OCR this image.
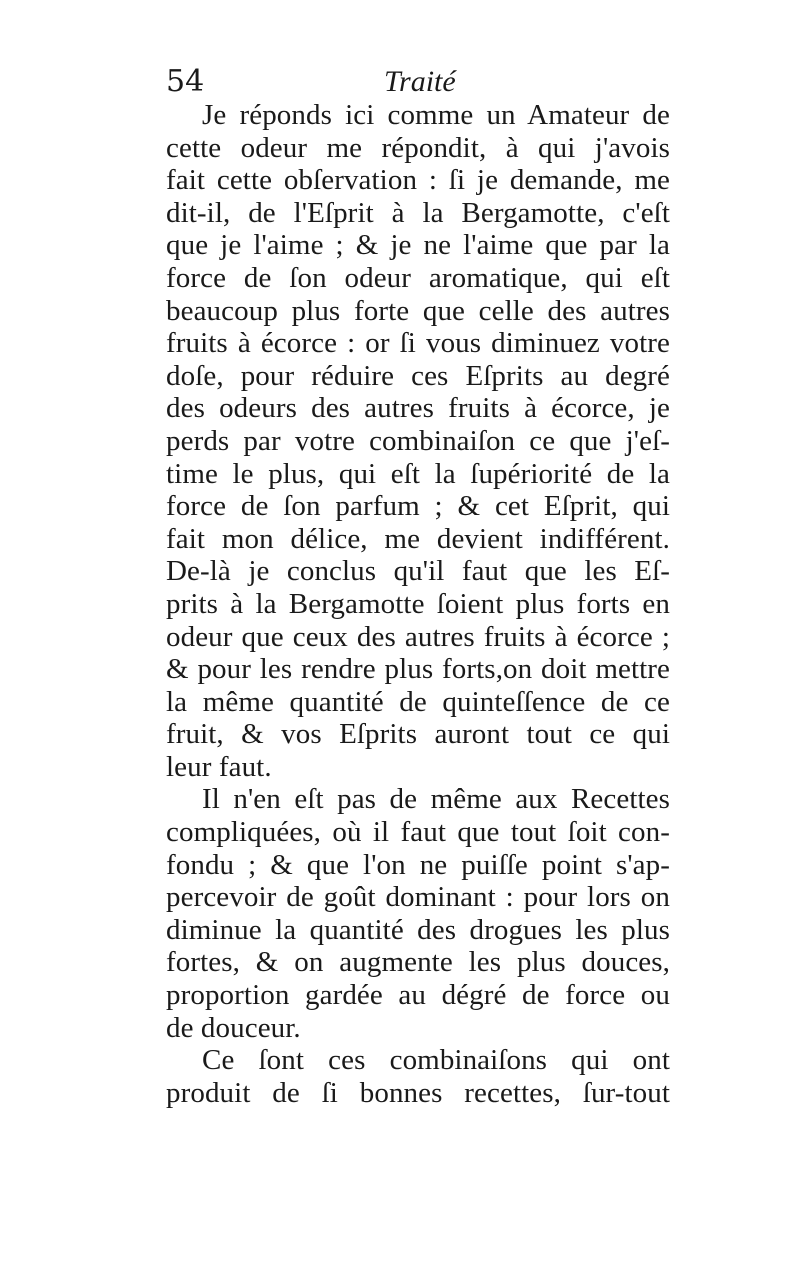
54	Traité
Je réponds ici comme un Amateur de
cette odeur me répondit, à qui j'avois
fait cette obſervation : ſi je demande, me
dit-il, de l'Eſprit à la Bergamotte, c'eſt
que je l'aime ; & je ne l'aime que par la
force de ſon odeur aromatique, qui eſt
beaucoup plus forte que celle des autres
fruits à écorce : or ſi vous diminuez votre
doſe, pour réduire ces Eſprits au degré
des odeurs des autres fruits à écorce, je
perds par votre combinaiſon ce que j'eſ-
time le plus, qui eſt la ſupériorité de la
force de ſon parfum ; & cet Eſprit, qui
fait mon délice, me devient indifférent.
De-là je conclus qu'il faut que les Eſ-
prits à la Bergamotte ſoient plus forts en
odeur que ceux des autres fruits à écorce ;
& pour les rendre plus forts,on doit mettre
la même quantité de quinteſſence de ce
fruit, & vos Eſprits auront tout ce qui
leur faut.
Il n'en eſt pas de même aux Recettes
compliquées, où il faut que tout ſoit con-
fondu ; & que l'on ne puiſſe point s'ap-
percevoir de goût dominant : pour lors on
diminue la quantité des drogues les plus
fortes, & on augmente les plus douces,
proportion gardée au dégré de force ou
de douceur.
Ce ſont ces combinaiſons qui ont
produit de ſi bonnes recettes, ſur-tout
